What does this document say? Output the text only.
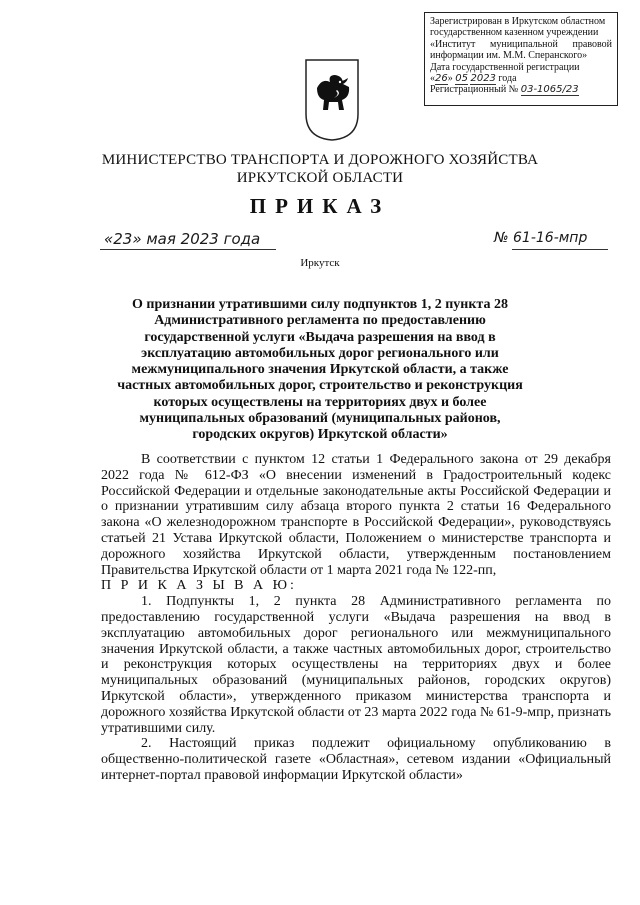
Зарегистрирован в Иркутском областном
государственном казенном учреждении
«Институт муниципальной правовой
информации им. М.М. Сперанского»
Дата государственной регистрации
«26» 05 2023 года
Регистрационный № 03-1065/23
МИНИСТЕРСТВО ТРАНСПОРТА И ДОРОЖНОГО ХОЗЯЙСТВА
ИРКУТСКОЙ ОБЛАСТИ
ПРИКАЗ
«23» мая 2023 года	№ 61-16-мпр
Иркутск
О признании утратившими силу подпунктов 1, 2 пункта 28 Административного регламента по предоставлению государственной услуги «Выдача разрешения на ввод в эксплуатацию автомобильных дорог регионального или межмуниципального значения Иркутской области, а также частных автомобильных дорог, строительство и реконструкция которых осуществлены на территориях двух и более муниципальных образований (муниципальных районов, городских округов) Иркутской области»

В соответствии с пунктом 12 статьи 1 Федерального закона от 29 декабря 2022 года № 612-ФЗ «О внесении изменений в Градостроительный кодекс Российской Федерации и отдельные законодательные акты Российской Федерации и о признании утратившим силу абзаца второго пункта 2 статьи 16 Федерального закона «О железнодорожном транспорте в Российской Федерации», руководствуясь статьей 21 Устава Иркутской области, Положением о министерстве транспорта и дорожного хозяйства Иркутской области, утвержденным постановлением Правительства Иркутской области от 1 марта 2021 года № 122-пп,

П Р И К А З Ы В А Ю:

1. Подпункты 1, 2 пункта 28 Административного регламента по предоставлению государственной услуги «Выдача разрешения на ввод в эксплуатацию автомобильных дорог регионального или межмуниципального значения Иркутской области, а также частных автомобильных дорог, строительство и реконструкция которых осуществлены на территориях двух и более муниципальных образований (муниципальных районов, городских округов) Иркутской области», утвержденного приказом министерства транспорта и дорожного хозяйства Иркутской области от 23 марта 2022 года № 61-9-мпр, признать утратившими силу.

2. Настоящий приказ подлежит официальному опубликованию в общественно-политической газете «Областная», сетевом издании «Официальный интернет-портал правовой информации Иркутской области»
